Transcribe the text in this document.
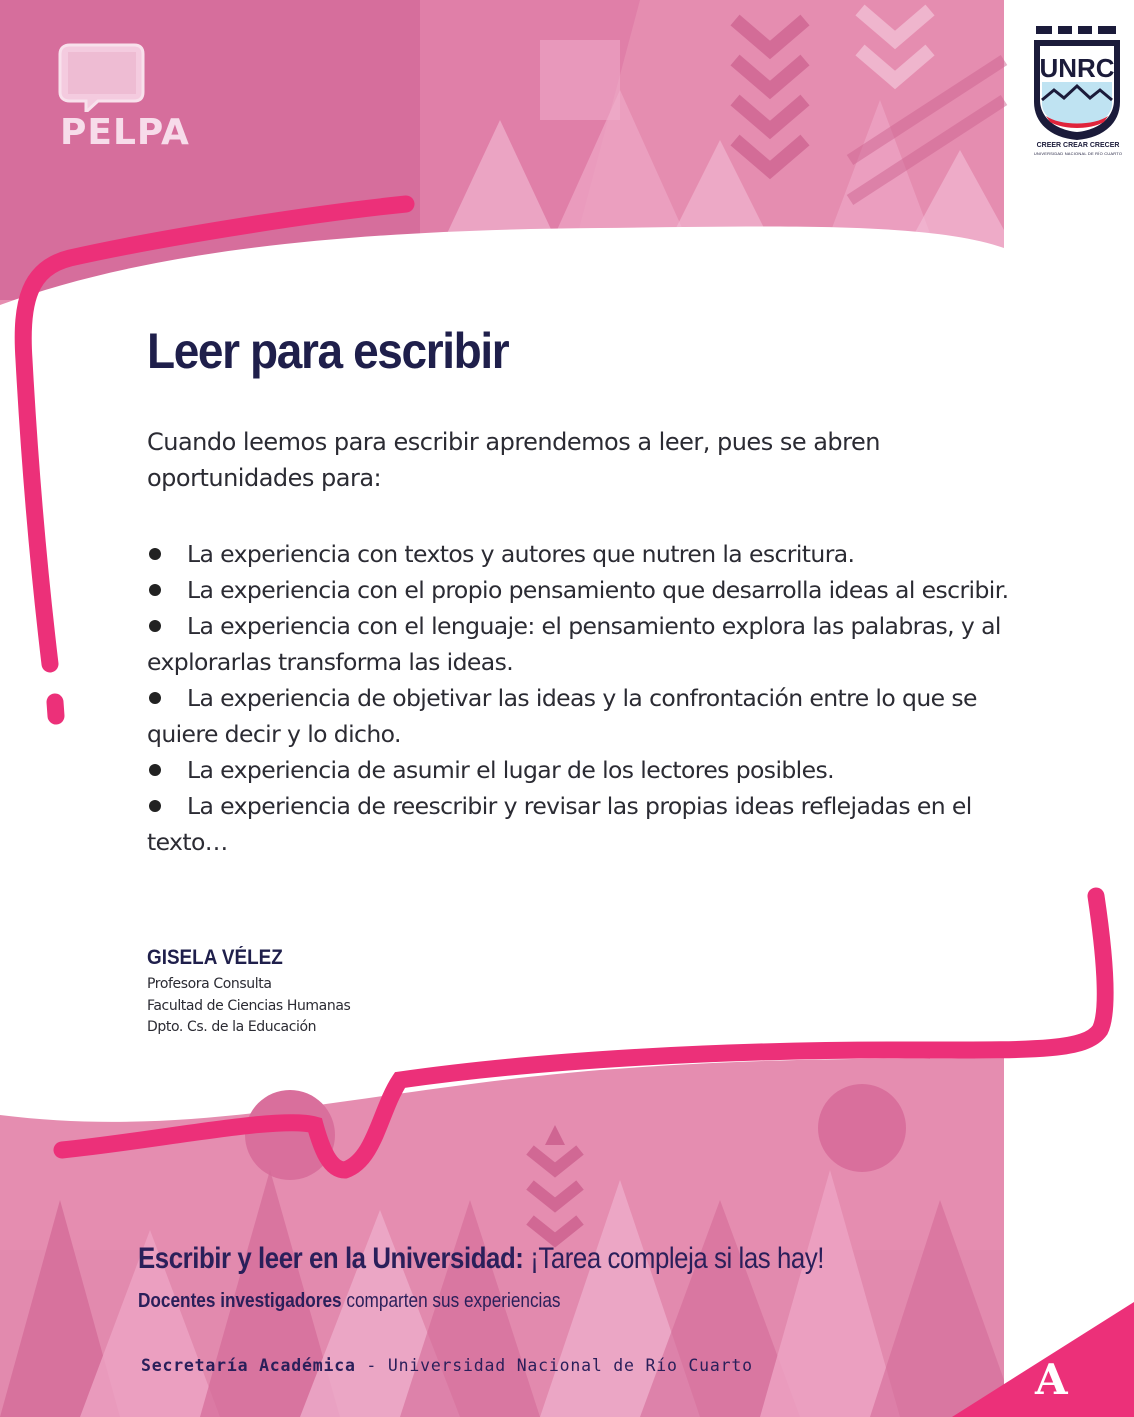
PELPA
UNRC
CREER CREAR CRECER
UNIVERSIDAD NACIONAL DE RÍO CUARTO
Leer para escribir
Cuando leemos para escribir aprendemos a leer, pues se abren oportunidades para:
La experiencia con textos y autores que nutren la escritura.
La experiencia con el propio pensamiento que desarrolla ideas al escribir.
La experiencia con el lenguaje: el pensamiento explora las palabras, y al explorarlas transforma las ideas.
La experiencia de objetivar las ideas y la confrontación entre lo que se quiere decir y lo dicho.
La experiencia de asumir el lugar de los lectores posibles.
La experiencia de reescribir y revisar las propias ideas reflejadas en el texto…
GISELA VÉLEZ
Profesora Consulta
Facultad de Ciencias Humanas
Dpto. Cs. de la Educación
Escribir y leer en la Universidad: ¡Tarea compleja si las hay!
Docentes investigadores comparten sus experiencias
Secretaría Académica - Universidad Nacional de Río Cuarto	A
